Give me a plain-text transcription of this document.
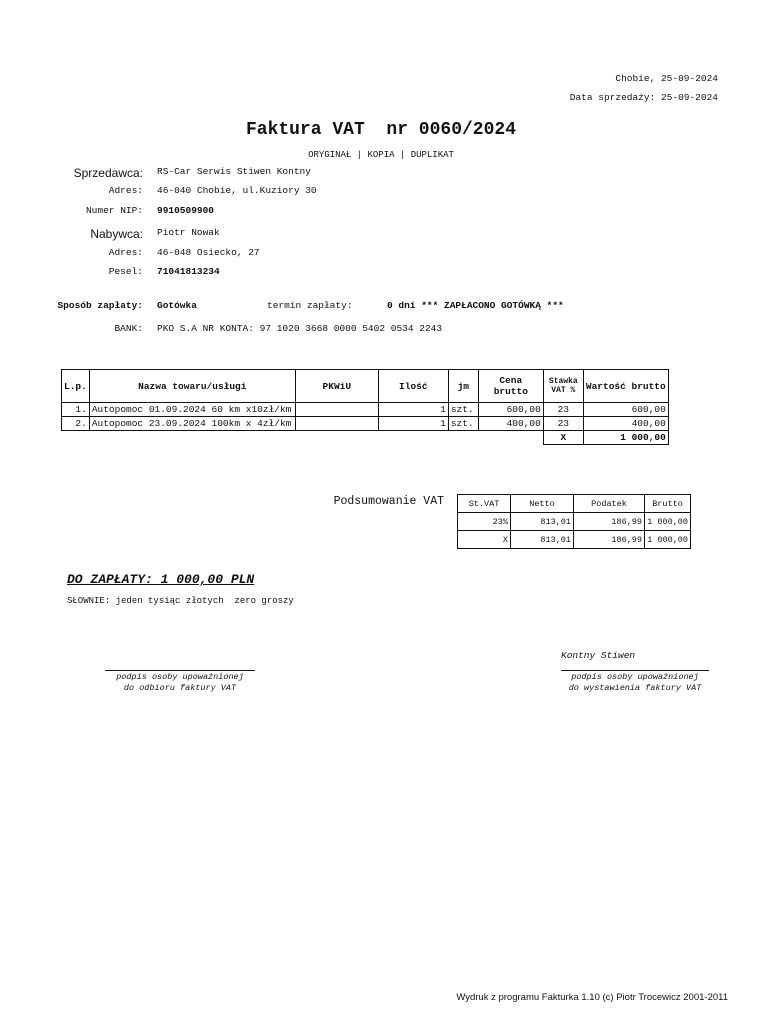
Chobie, 25-09-2024
Data sprzedaży: 25-09-2024
Faktura VAT  nr 0060/2024
ORYGINAŁ | KOPIA | DUPLIKAT
Sprzedawca: RS-Car Serwis Stiwen Kontny
Adres: 46-040 Chobie, ul.Kuziory 30
Numer NIP: 9910509900
Nabywca: Piotr Nowak
Adres: 46-048 Osiecko, 27
Pesel: 71041813234
Sposób zapłaty: Gotówka	termin zapłaty:	0 dni *** ZAPŁACONO GOTÓWKĄ ***
BANK: PKO S.A NR KONTA: 97 1020 3668 0000 5402 0534 2243
L.p.	Nazwa towaru/usługi	PKWiU	Ilość	jm	Cena brutto	Stawka VAT %	Wartość brutto
1.	Autopomoc 01.09.2024 60 km x10zł/km		1	szt.	600,00	23	600,00
2.	Autopomoc 23.09.2024 100km x 4zł/km		1	szt.	400,00	23	400,00
						X	1 000,00
Podsumowanie VAT	St.VAT	Netto	Podatek	Brutto
23%	813,01	186,99	1 000,00
X	813,01	186,99	1 000,00
DO ZAPŁATY: 1 000,00 PLN
SŁOWNIE: jeden tysiąc złotych  zero groszy
Kontny Stiwen
podpis osoby upoważnionej
do odbioru faktury VAT
podpis osoby upoważnionej
do wystawienia faktury VAT
Wydruk z programu Fakturka 1.10 (c) Piotr Trocewicz 2001-2011
